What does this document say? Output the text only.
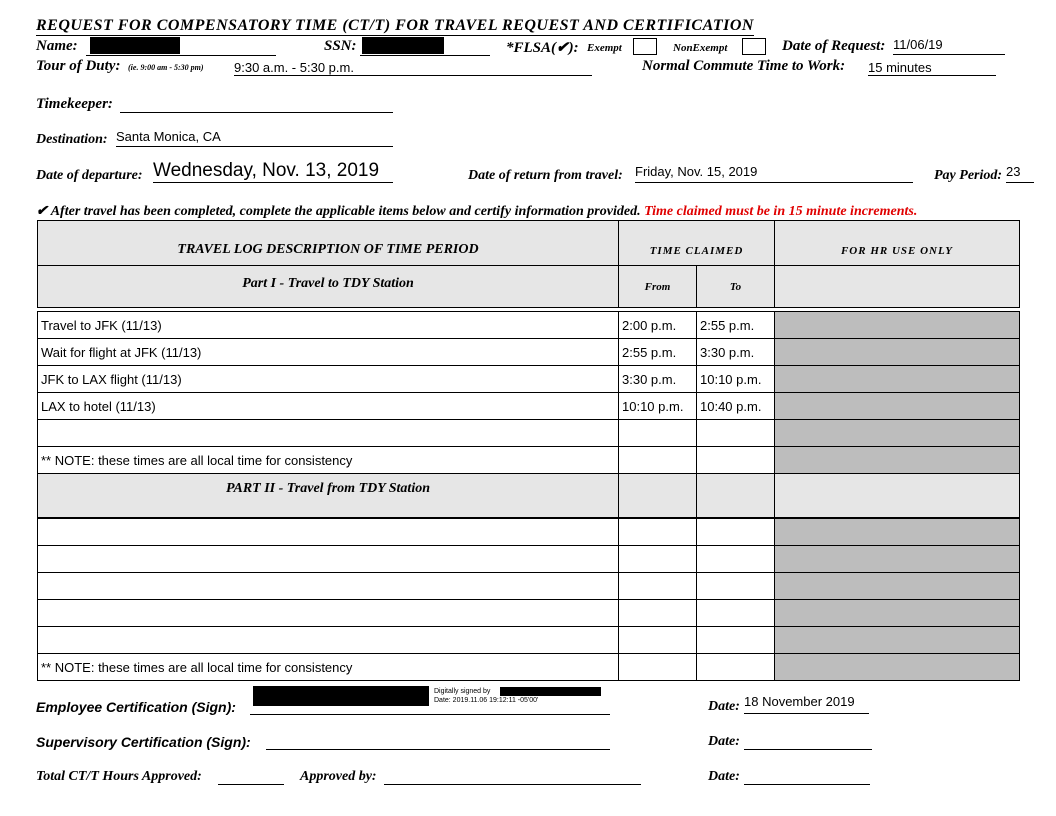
REQUEST FOR COMPENSATORY TIME (CT/T) FOR TRAVEL REQUEST AND CERTIFICATION
Name:	SSN:	*FLSA(✔): Exempt	NonExempt	Date of Request: 11/06/19
Tour of Duty: (ie. 9:00 am - 5:30 pm) 9:30 a.m. - 5:30 p.m.	Normal Commute Time to Work: 15 minutes
Timekeeper:
Destination: Santa Monica, CA
Date of departure: Wednesday, Nov. 13, 2019	Date of return from travel: Friday, Nov. 15, 2019	Pay Period: 23
✔ After travel has been completed, complete the applicable items below and certify information provided. Time claimed must be in 15 minute increments.
TRAVEL LOG DESCRIPTION OF TIME PERIOD	TIME CLAIMED	FOR HR USE ONLY
Part I - Travel to TDY Station	From	To
Travel to JFK (11/13)	2:00 p.m.	2:55 p.m.
Wait for flight at JFK (11/13)	2:55 p.m.	3:30 p.m.
JFK to LAX flight (11/13)	3:30 p.m.	10:10 p.m.
LAX to hotel (11/13)	10:10 p.m.	10:40 p.m.
** NOTE: these times are all local time for consistency
PART II - Travel from TDY Station
** NOTE: these times are all local time for consistency
Employee Certification (Sign):
Digitally signed by
Date: 2019.11.06 19:12:11 -05'00'	Date: 18 November 2019
Supervisory Certification (Sign):	Date:
Total CT/T Hours Approved:	Approved by:	Date:
